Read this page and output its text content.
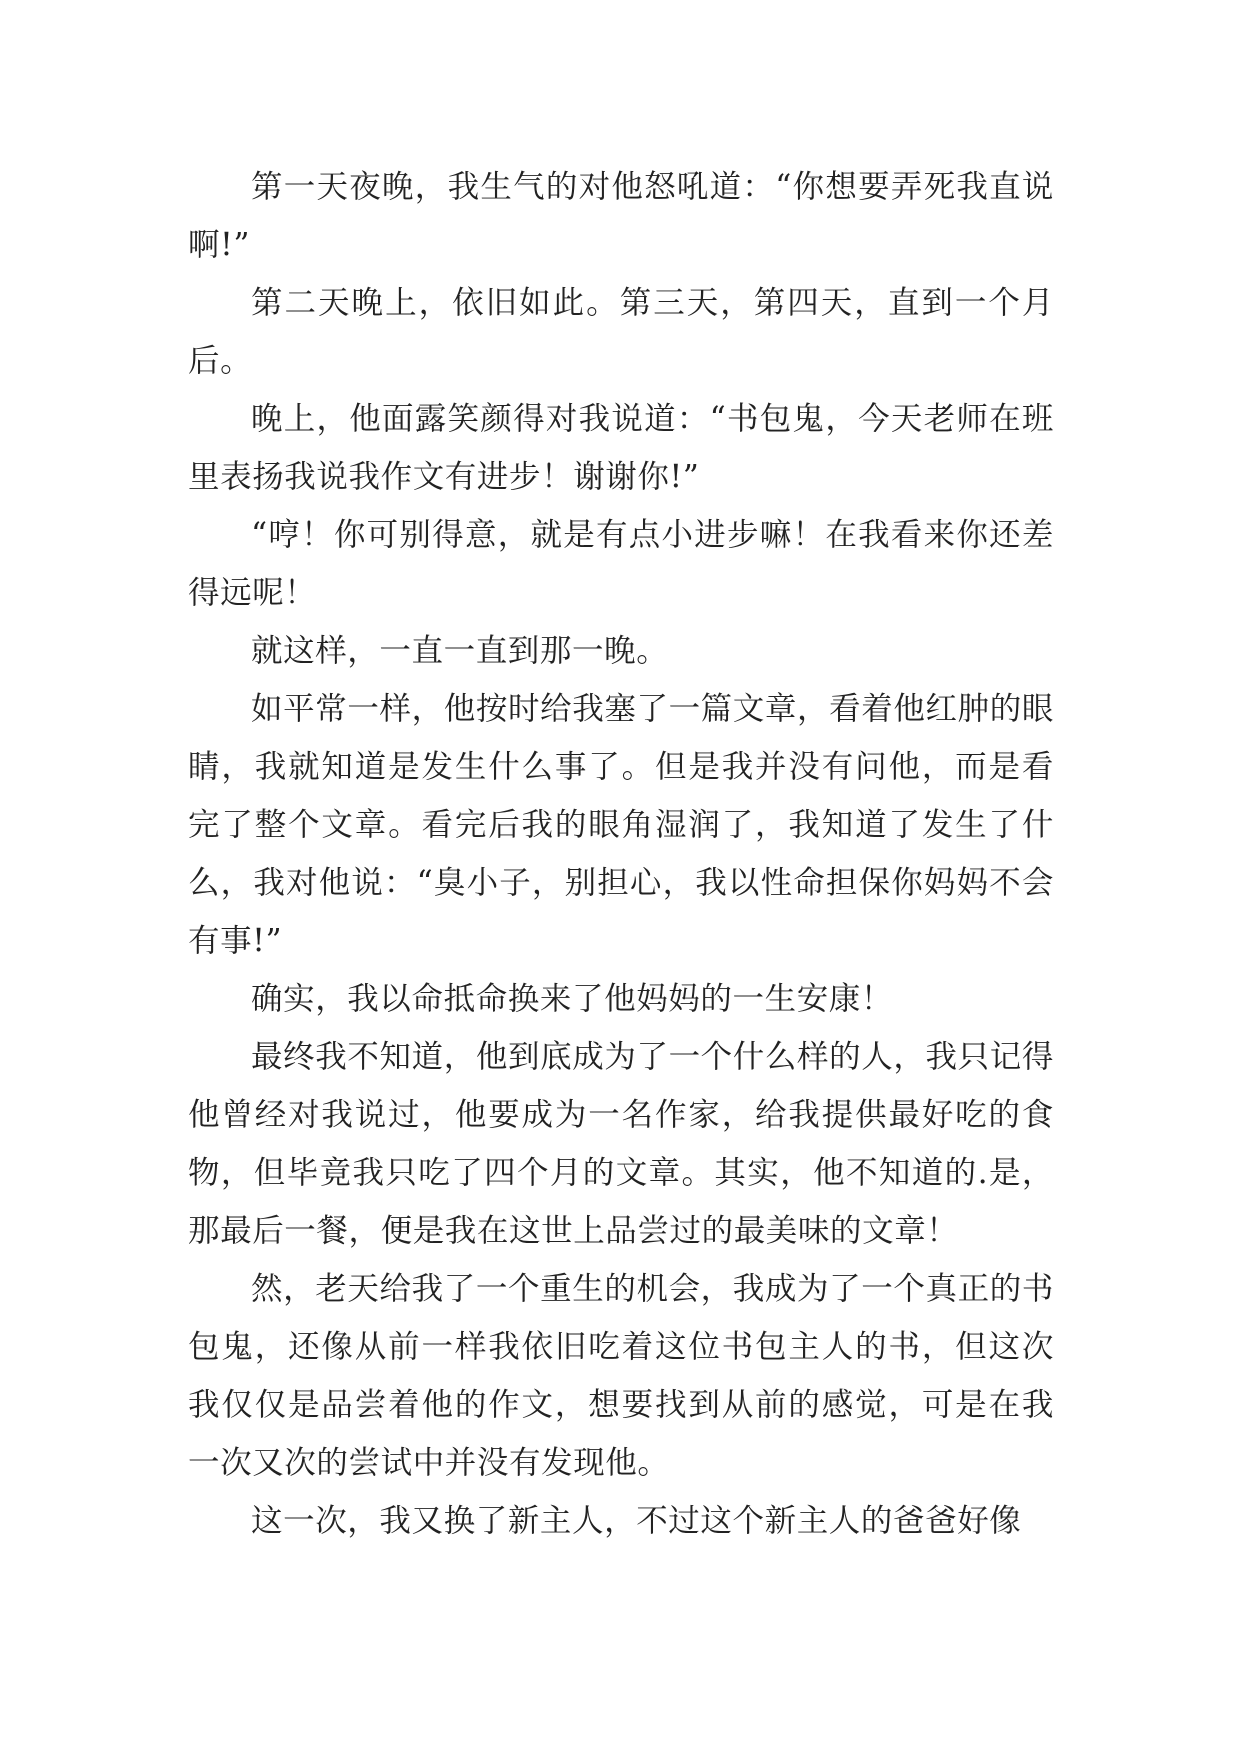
第一天夜晚，我生气的对他怒吼道：“你想要弄死我直说啊!”

第二天晚上，依旧如此。第三天，第四天，直到一个月后。

晚上，他面露笑颜得对我说道：“书包鬼，今天老师在班里表扬我说我作文有进步！谢谢你!”

“哼！你可别得意，就是有点小进步嘛！在我看来你还差得远呢！

就这样，一直一直到那一晚。

如平常一样，他按时给我塞了一篇文章，看着他红肿的眼睛，我就知道是发生什么事了。但是我并没有问他，而是看完了整个文章。看完后我的眼角湿润了，我知道了发生了什么，我对他说：“臭小子，别担心，我以性命担保你妈妈不会有事!”

确实，我以命抵命换来了他妈妈的一生安康！

最终我不知道，他到底成为了一个什么样的人，我只记得他曾经对我说过，他要成为一名作家，给我提供最好吃的食物，但毕竟我只吃了四个月的文章。其实，他不知道的.是，那最后一餐，便是我在这世上品尝过的最美味的文章！

然，老天给我了一个重生的机会，我成为了一个真正的书包鬼，还像从前一样我依旧吃着这位书包主人的书，但这次我仅仅是品尝着他的作文，想要找到从前的感觉，可是在我一次又次的尝试中并没有发现他。

这一次，我又换了新主人，不过这个新主人的爸爸好像
